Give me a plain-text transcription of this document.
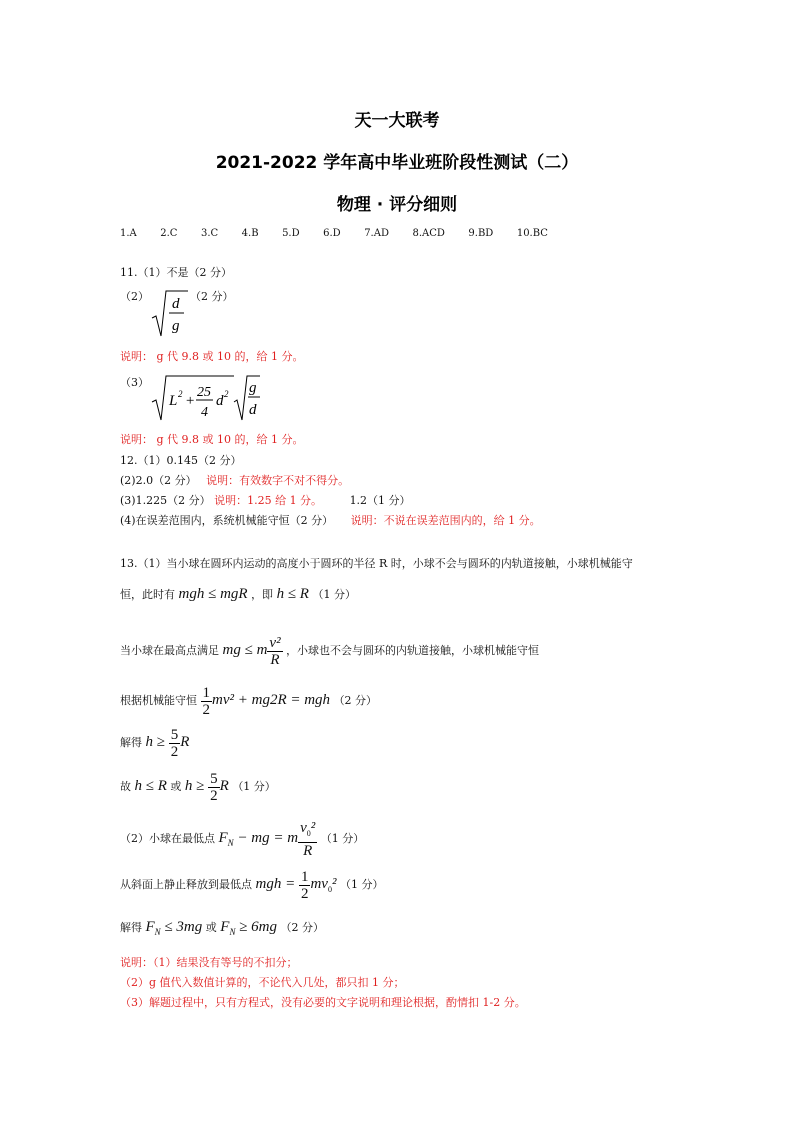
天一大联考
2021-2022 学年高中毕业班阶段性测试（二）
物理 · 评分细则
1.A 2.C 3.C 4.B 5.D 6.D 7.AD 8.ACD 9.BD 10.BC
11.（1）不是（2 分）
（2） d
g
（2 分）
说明： g 代 9.8 或 10 的，给 1 分。
（3）
L 2 +
25
4
d 2 g
d
说明： g 代 9.8 或 10 的，给 1 分。
12.（1）0.145（2 分）
(2)2.0（2 分） 说明：有效数字不对不得分。
(3)1.225（2 分） 说明：1.25 给 1 分。	1.2（1 分）
(4)在误差范围内，系统机械能守恒（2 分） 说明：不说在误差范围内的，给 1 分。
13.（1）当小球在圆环内运动的高度小于圆环的半径 R 时，小球不会与圆环的内轨道接触，小球机械能守
恒，此时有 mgh ≤ mgR ，即 h ≤ R （1 分）
当小球在最高点满足 mg ≤ m $\frac{\text{v²}}{R}$ ，小球也不会与圆环的内轨道接触，小球机械能守恒
根据机械能守恒 $\frac{1}{2} mv^2 + mg2R$ = mgh （2 分）
解得 $h \ge \frac{5}{2}$ R
故 h ≤ R 或 $h \ge \frac{5}{2}$ R （1 分）
（2）小球在最低点 $F_N$ − mg = m $\frac{v_0^2}{R} (1$ 分）
从斜面上静止释放到最低点 mgh = $\frac{1}{2} mv_0^2$ （1 分）
解得 $F_N \le 3mg$ 或 $F_N \ge 6mg$ （2 分）
说明：（1）结果没有等号的不扣分；
（2）g 值代入数值计算的，不论代入几处，都只扣 1 分；
（3）解题过程中，只有方程式，没有必要的文字说明和理论根据，酌情扣 1-2 分。
